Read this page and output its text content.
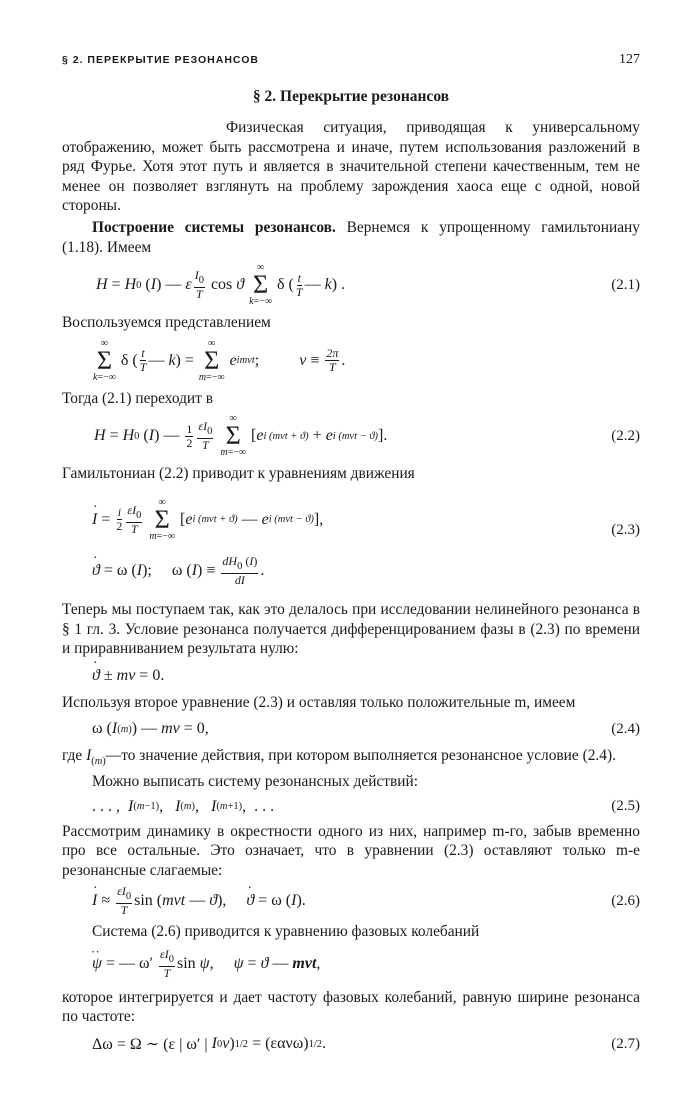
§ 2. ПЕРЕКРЫТИЕ РЕЗОНАНСОВ	127
§ 2. Перекрытие резонансов

Физическая ситуация, приводящая к универсальному отображению, может быть рассмотрена и иначе, путем использования разложений в ряд Фурье. Хотя этот путь и является в значительной степени качественным, тем не менее он позволяет взглянуть на проблему зарождения хаоса еще с одной, новой стороны.

Построение системы резонансов. Вернемся к упрощенному гамильтониану (1.18). Имеем

H = H 0 ( I ) — ε $\frac{I0}{T}$ cos ϑ
∞
Σ
k=−∞
δ ( $\frac{t}{T}$ — k ) .	(2.1)

Воспользуемся представлением

∞
Σ
k=−∞
δ ( $\frac{t}{T}$ — k ) =
∞
Σ
m=−∞
e imνt ;	$\nu \equiv \frac{2\pi}{T}$ .

Тогда (2.1) переходит в

H = H 0 ( I ) — $\frac{1}{2} \frac{\varepsilon I0}{T}$
∞
Σ
m=−∞
[ e i (mνt + ϑ) + e i (mνt − ϑ) ].	(2.2)

Гамильтониан (2.2) приводит к уравнениям движения

· $I = \frac{i}{2} \frac{\varepsilon I0}{T}$
∞
Σ
m=−∞
[ e i (mνt + ϑ) — e i (mνt − ϑ) ],
· ϑ = ω ( I ); ω ( I ) ≡ $\frac{dH0 (I)}{dI}$ .
(2.3)

Теперь мы поступаем так, как это делалось при исследовании нелинейного резонанса в § 1 гл. 3. Условие резонанса получается дифференцированием фазы в (2.3) по времени и приравниванием результата нулю:

· ϑ ± mν = 0.

Используя второе уравнение (2.3) и оставляя только положительные m, имеем

ω ( I ( m ) ) — mν = 0,	(2.4)

где $I_{(m)}—то$ значение действия, при котором выполняется резонансное условие (2.4).

Можно выписать систему резонансных действий:

. . . , I ( m −1) , I ( m ) , I ( m +1) ,  . . .	(2.5)

Рассмотрим динамику в окрестности одного из них, например m-го, забыв временно про все остальные. Это означает, что в уравнении (2.3) оставляют только m-е резонансные слагаемые:

· $I \approx \frac{\varepsilon I0}{T}$ sin ( mνt — ϑ ),
· ϑ = ω ( I ).	(2.6)

Система (2.6) приводится к уравнению фазовых колебаний

·· ψ = — $\omega' \frac{\varepsilon I0}{T}$ sin ψ , ψ = ϑ — mνt ,

которое интегрируется и дает частоту фазовых колебаний, равную ширине резонанса по частоте:

Δω = Ω ∼ (ε | ω′ | I 0 ν ) 1/2 = (εανω) 1/2 .	(2.7)
